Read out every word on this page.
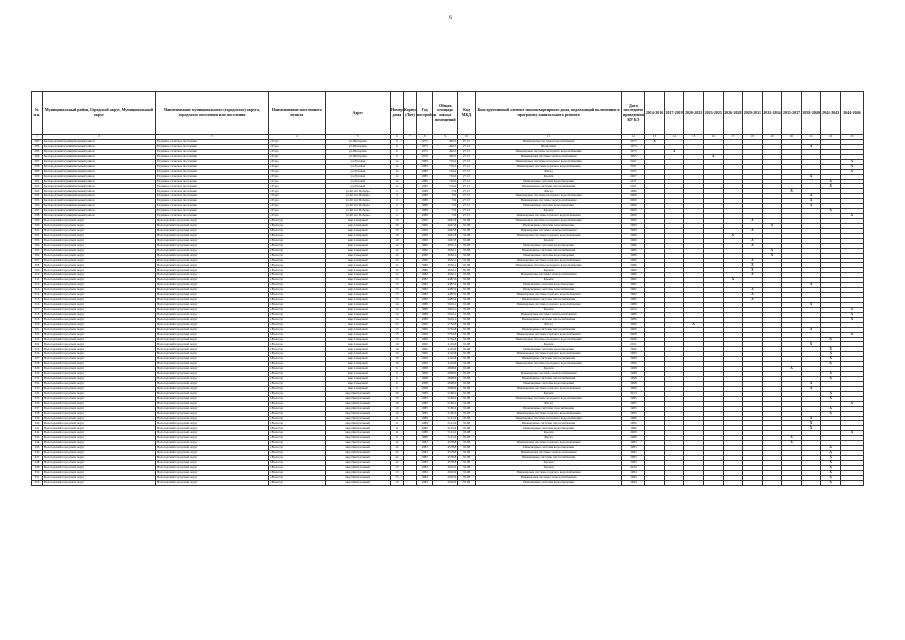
6
№ п.п.	Муниципальный район, Городской округ, Муниципальный округ	Наименование муниципального (городского) округа, городского поселения или поселения	Наименование населенного пункта	Адрес	Номер дома	Корпус (Лит)	Год постройки	Общая площадь жилых помещений	Код МКД	Конструктивный элемент многоквартирного дома, подлежащий включению в программу капитального ремонта	Дата последнего проведения КР КЭ	2014-2016	2017-2019	2020-2022	2023-2025	2026-2028	2029-2031	2032-2034	2035-2037	2038-2040	2041-2043	2044-2046
1	2	3	4	5	6	7	8	9	10	11	12	13	14	15	16	17	18	19	20	21	22	23
283	Белгородский муниципальный район	Ездоцкое сельское поселение	с.Ездо	ул.Шаторная	6		1975	492,5	27.15	Инженерные системы водоснабжения	1975	X										
284	Белгородский муниципальный район	Ездоцкое сельское поселение	с.Ездо	ул.Шаторная	6		1975	492,5	27.15	Фундамент	1975									X		
285	Белгородский муниципальный район	Ездоцкое сельское поселение	с.Ездо	ул.Шаторная	6		1975	492,5	27.15	Инженерные системы холодного водоснабжения	1975		X									
286	Белгородский муниципальный район	Ездоцкое сельское поселение	с.Ездо	ул.Шаторная	6		1979	492,5	27.15	Инженерные системы электроснабжения	1955				X							
287	Белгородский муниципальный район	Ездоцкое сельское поселение	с.Ездо	ул.Луговая	1а		1985	716,0	27.15	Инженерные системы холодного водоснабжения	2011											X
288	Белгородский муниципальный район	Ездоцкое сельское поселение	с.Ездо	ул.Луговая	1а		1985	716,0	27.15	Инженерные системы горячего водоснабжения	2011											X
289	Белгородский муниципальный район	Ездоцкое сельское поселение	с.Ездо	ул.Луговая	1а		1985	716,0	27.15	Фасад	2011											X
290	Белгородский муниципальный район	Ездоцкое сельское поселение	с.Ездо	ул.Луговая	1а		1985	716,0	27.15	Кровля	2007									X		
291	Белгородский муниципальный район	Ездоцкое сельское поселение	с.Ездо	ул.Луговая	1а		1985	716,0	27.15	Инженерные системы водоотведения	2011										X	
292	Белгородский муниципальный район	Ездоцкое сельское поселение	с.Ездо	ул.Луговая	1а		1985	716,0	27.15	Инженерные системы теплоснабжения	2011										X	
293	Белгородский муниципальный район	Ездоцкое сельское поселение	с.Ездо	ул.40 лет Победы	2		1989	719	27.15	Фасад	1989								X			
294	Белгородский муниципальный район	Ездоцкое сельское поселение	с.Ездо	ул.40 лет Победы	2		1989	719	27.15	Инженерные системы холодного водоснабжения	2009									X		
295	Белгородский муниципальный район	Ездоцкое сельское поселение	с.Ездо	ул.40 лет Победы	2		1989	719	27.15	Инженерные системы электроснабжения	2009									X		
296	Белгородский муниципальный район	Ездоцкое сельское поселение	с.Ездо	ул.40 лет Победы	2		1989	719	27.15	Инженерные системы водоотведения	2009									X		
297	Белгородский муниципальный район	Ездоцкое сельское поселение	с.Ездо	ул.40 лет Победы	2		1989	719	27.15	Кровля	2009										X	
298	Белгородский муниципальный район	Ездоцкое сельское поселение	с.Ездо	ул.40 лет Победы	2		1989	719	27.15	Инженерные системы горячего водоснабжения	2009											X
299	Вологодский городской округ	Вологодский городской округ	г.Вологда	мкр.Северный	10		1990	2647,8	35.08	Инженерные системы холодного водоснабжения	1990						X					
300	Вологодский городской округ	Вологодский городской округ	г.Вологда	мкр.Северный	10		1990	2647,8	35.08	Инженерные системы газоснабжения	1990							X				
301	Вологодский городской округ	Вологодский городской округ	г.Вологда	мкр.Северный	10		1990	2647,8	35.08	Инженерные системы электроснабжения	1990						X					
302	Вологодский городской округ	Вологодский городской округ	г.Вологда	мкр.Северный	10		1990	2647,8	35.08	Инженерные системы горячего водоснабжения	1990					X						
303	Вологодский городской округ	Вологодский городской округ	г.Вологда	мкр.Северный	10		1990	2647,8	35.08	Кровля	1990						X					
304	Вологодский городской округ	Вологодский городской округ	г.Вологда	мкр.Северный	12		1986	3932,1	35.08	Инженерные системы водоотведения	1986						X					
305	Вологодский городской округ	Вологодский городской округ	г.Вологда	мкр.Северный	12		1986	3932,1	35.08	Инженерные системы теплоснабжения	1986							X				
306	Вологодский городской округ	Вологодский городской округ	г.Вологда	мкр.Северный	12		1986	3932,1	35.08	Инженерные системы водоотведения	1986							X				
307	Вологодский городской округ	Вологодский городской округ	г.Вологда	мкр.Северный	12		1986	3932,1	35.08	Инженерные системы горячего водоснабжения	1986						X					
308	Вологодский городской округ	Вологодский городской округ	г.Вологда	мкр.Северный	12		1986	3932,1	35.08	Инженерные системы холодного водоснабжения	1986						X					
309	Вологодский городской округ	Вологодский городской округ	г.Вологда	мкр.Северный	12		1986	3932,1	35.08	Кровля	1986						X					
310	Вологодский городской округ	Вологодский городской округ	г.Вологда	мкр.Северный	12		1986	3932,1	35.08	Инженерные системы электроснабжения	1986						X					
311	Вологодский городской округ	Вологодский городской округ	г.Вологда	мкр.Северный	13		1982	4487,6	35.08	Кровля	1982					X						
312	Вологодский городской округ	Вологодский городской округ	г.Вологда	мкр.Северный	13		1982	4487,6	35.08	Инженерные системы водоотведения	1982									X		
313	Вологодский городской округ	Вологодский городской округ	г.Вологда	мкр.Северный	13		1982	4487,6	35.08	Инженерные системы газоснабжения	1982						X					
314	Вологодский городской округ	Вологодский городской округ	г.Вологда	мкр.Северный	13		1982	4487,6	35.08	Инженерные системы горячего водоснабжения	1982						X					
315	Вологодский городской округ	Вологодский городской округ	г.Вологда	мкр.Северный	13		1982	4487,6	35.08	Инженерные системы теплоснабжения	1982						X					
316	Вологодский городской округ	Вологодский городской округ	г.Вологда	мкр.Северный	14		1989	5916,1	35.08	Инженерные системы горячего водоснабжения	1989									X		
317	Вологодский городской округ	Вологодский городской округ	г.Вологда	мкр.Северный	14		1989	5916,1	35.08	Кровля	2012											X
318	Вологодский городской округ	Вологодский городской округ	г.Вологда	мкр.Северный	14		1989	5916,1	35.08	Инженерные системы электроснабжения	1989											X
319	Вологодский городской округ	Вологодский городской округ	г.Вологда	мкр.Северный	14		1989	5916,1	35.08	Инженерные системы теплоснабжения	1989											X
320	Вологодский городской округ	Вологодский городской округ	г.Вологда	мкр.Северный	15		1990	5732,8	35.08	Фасад	1990			X								
321	Вологодский городской округ	Вологодский городской округ	г.Вологда	мкр.Северный	15		1990	5732,8	35.08	Инженерные системы теплоснабжения	1990									X		
322	Вологодский городской округ	Вологодский городской округ	г.Вологда	мкр.Северный	15		1990	5732,8	35.08	Инженерные системы горячего водоснабжения	2008											X
323	Вологодский городской округ	Вологодский городской округ	г.Вологда	мкр.Северный	15		1990	5732,8	35.08	Инженерные системы холодного водоснабжения	2008										X	
324	Вологодский городской округ	Вологодский городской округ	г.Вологда	мкр.Северный	16		1990	4116,8	35.08	Кровля	2011									X		
325	Вологодский городской округ	Вологодский городской округ	г.Вологда	мкр.Северный	16		1990	4116,8	35.08	Инженерные системы водоотведения	1990										X	
326	Вологодский городской округ	Вологодский городской округ	г.Вологда	мкр.Северный	16		1990	4116,8	35.08	Инженерные системы горячего водоснабжения	1990										X	
327	Вологодский городской округ	Вологодский городской округ	г.Вологда	мкр.Северный	16		1990	4116,8	35.08	Инженерные системы теплоснабжения	1990										X	
328	Вологодский городской округ	Вологодский городской округ	г.Вологда	мкр.Северный	16		1990	4116,8	35.08	Инженерные системы холодного водоснабжения	1990										X	
329	Вологодский городской округ	Вологодский городской округ	г.Вологда	мкр.Северный	6		1998	2828,6	35.08	Кровля	1998								X			
330	Вологодский городской округ	Вологодский городской округ	г.Вологда	мкр.Северный	6		1998	2828,6	35.08	Инженерные системы электроснабжения	1998										X	
331	Вологодский городской округ	Вологодский городской округ	г.Вологда	мкр.Северный	6		1998	2828,6	35.08	Инженерные системы теплоснабжения	1998										X	
332	Вологодский городской округ	Вологодский городской округ	г.Вологда	мкр.Северный	6		1998	2828,6	35.08	Инженерные системы водоотведения	1998									X		
333	Вологодский городской округ	Вологодский городской округ	г.Вологда	мкр.Северный	6		1998	2828,6	35.08	Инженерные системы горячего водоснабжения	1998									X		
334	Вологодский городской округ	Вологодский городской округ	г.Вологда	мкр.Центральный	10		1985	5160,2	35.08	Кровля	2013										X	
335	Вологодский городской округ	Вологодский городской округ	г.Вологда	мкр.Центральный	10		1985	5160,2	35.08	Инженерные системы холодного водоснабжения	1985										X	
336	Вологодский городской округ	Вологодский городской округ	г.Вологда	мкр.Центральный	10		1985	5160,2	35.08	Фасад	1985											X
337	Вологодский городской округ	Вологодский городской округ	г.Вологда	мкр.Центральный	10		1985	5160,2	35.08	Инженерные системы газоснабжения	1985										X	
338	Вологодский городской округ	Вологодский городской округ	г.Вологда	мкр.Центральный	10		1985	5160,2	35.08	Инженерные системы горячего водоснабжения	1985										X	
339	Вологодский городской округ	Вологодский городской округ	г.Вологда	мкр.Центральный	11		1989	5121,6	35.08	Инженерные системы холодного водоснабжения	1989									X		
340	Вологодский городской округ	Вологодский городской округ	г.Вологда	мкр.Центральный	11		1989	5121,6	35.08	Инженерные системы теплоснабжения	1989									X		
341	Вологодский городской округ	Вологодский городской округ	г.Вологда	мкр.Центральный	11		1989	5121,6	35.08	Инженерные системы водоотведения	1989									X		
342	Вологодский городской округ	Вологодский городской округ	г.Вологда	мкр.Центральный	11		1989	5121,6	35.08	Кровля	2009											X
343	Вологодский городской округ	Вологодский городской округ	г.Вологда	мкр.Центральный	11		1989	5121,6	35.08	Фасад	1989								X			
344	Вологодский городской округ	Вологодский городской округ	г.Вологда	мкр.Центральный	12		1983	4578,8	35.08	Инженерные системы горячего водоснабжения	1983								X			
345	Вологодский городской округ	Вологодский городской округ	г.Вологда	мкр.Центральный	12		1983	4578,8	35.08	Инженерные системы водоотведения	1983										X	
346	Вологодский городской округ	Вологодский городской округ	г.Вологда	мкр.Центральный	12		1983	4578,8	35.08	Инженерные системы электроснабжения	1983										X	
347	Вологодский городской округ	Вологодский городской округ	г.Вологда	мкр.Центральный	12		1983	4578,8	35.08	Инженерные системы теплоснабжения	1983										X	
348	Вологодский городской округ	Вологодский городской округ	г.Вологда	мкр.Центральный	12		1983	4578,8	35.08	Кровля	1983										X	
349	Вологодский городской округ	Вологодский городской округ	г.Вологда	мкр.Центральный	13		1984	2910,9	35.08	Кровля	2010										X	
350	Вологодский городской округ	Вологодский городской округ	г.Вологда	мкр.Центральный	13		1984	2910,9	35.08	Инженерные системы горячего водоснабжения	1984										X	
351	Вологодский городской округ	Вологодский городской округ	г.Вологда	мкр.Центральный	13		1984	2910,9	35.08	Инженерные системы электроснабжения	1984										X	
352	Вологодский городской округ	Вологодский городской округ	г.Вологда	мкр.Центральный	13		1984	2910,9	35.08	Инженерные системы водоотведения	1984										X	
